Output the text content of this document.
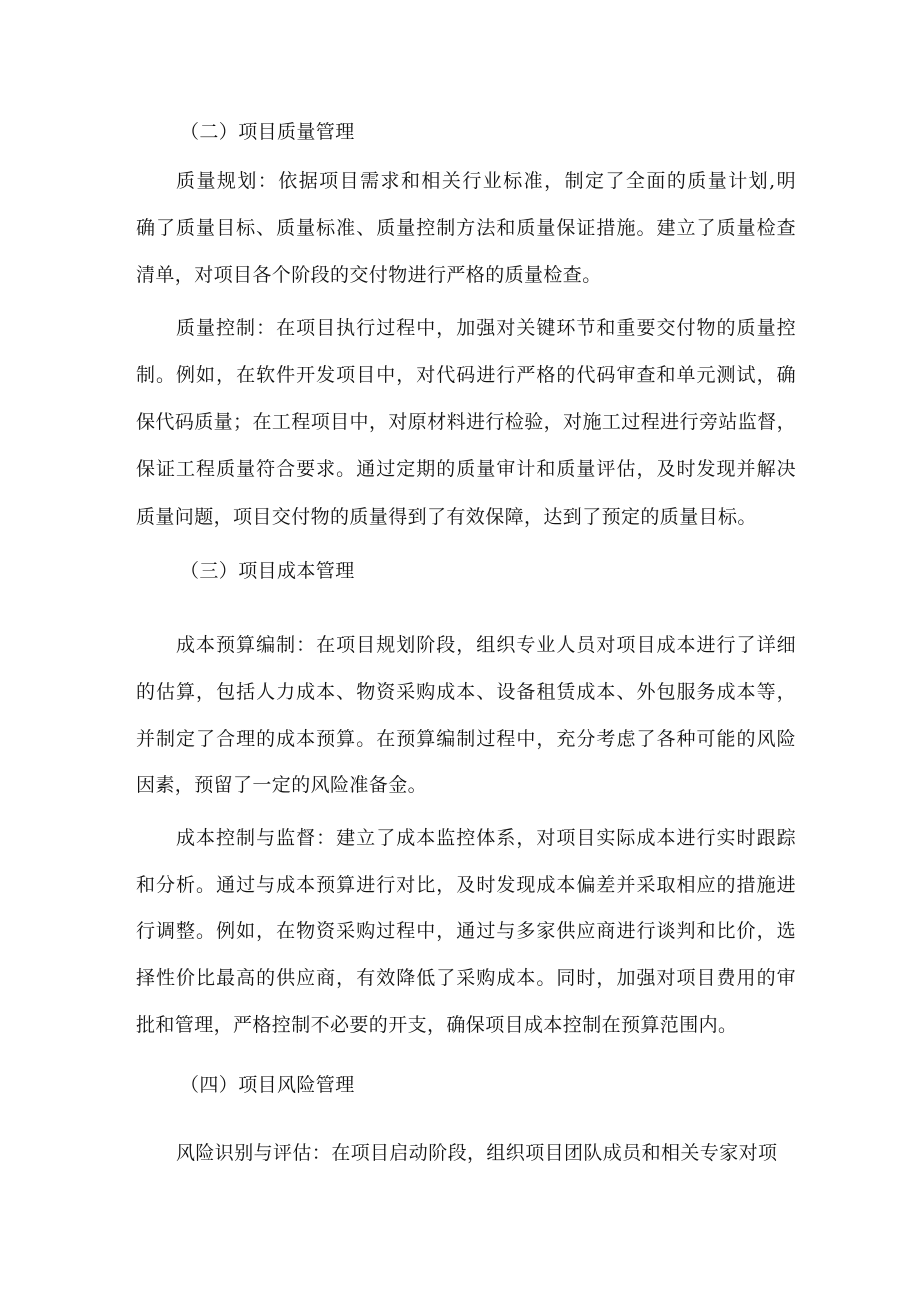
（二）项目质量管理
质量规划：依据项目需求和相关行业标准，制定了全面的质量计划,明
确了质量目标、质量标准、质量控制方法和质量保证措施。建立了质量检查
清单，对项目各个阶段的交付物进行严格的质量检查。
质量控制：在项目执行过程中，加强对关键环节和重要交付物的质量控
制。例如，在软件开发项目中，对代码进行严格的代码审查和单元测试，确
保代码质量；在工程项目中，对原材料进行检验，对施工过程进行旁站监督，
保证工程质量符合要求。通过定期的质量审计和质量评估，及时发现并解决
质量问题，项目交付物的质量得到了有效保障，达到了预定的质量目标。
（三）项目成本管理
成本预算编制：在项目规划阶段，组织专业人员对项目成本进行了详细
的估算，包括人力成本、物资采购成本、设备租赁成本、外包服务成本等，
并制定了合理的成本预算。在预算编制过程中，充分考虑了各种可能的风险
因素，预留了一定的风险准备金。
成本控制与监督：建立了成本监控体系，对项目实际成本进行实时跟踪
和分析。通过与成本预算进行对比，及时发现成本偏差并采取相应的措施进
行调整。例如，在物资采购过程中，通过与多家供应商进行谈判和比价，选
择性价比最高的供应商，有效降低了采购成本。同时，加强对项目费用的审
批和管理，严格控制不必要的开支，确保项目成本控制在预算范围内。
（四）项目风险管理
风险识别与评估：在项目启动阶段，组织项目团队成员和相关专家对项
